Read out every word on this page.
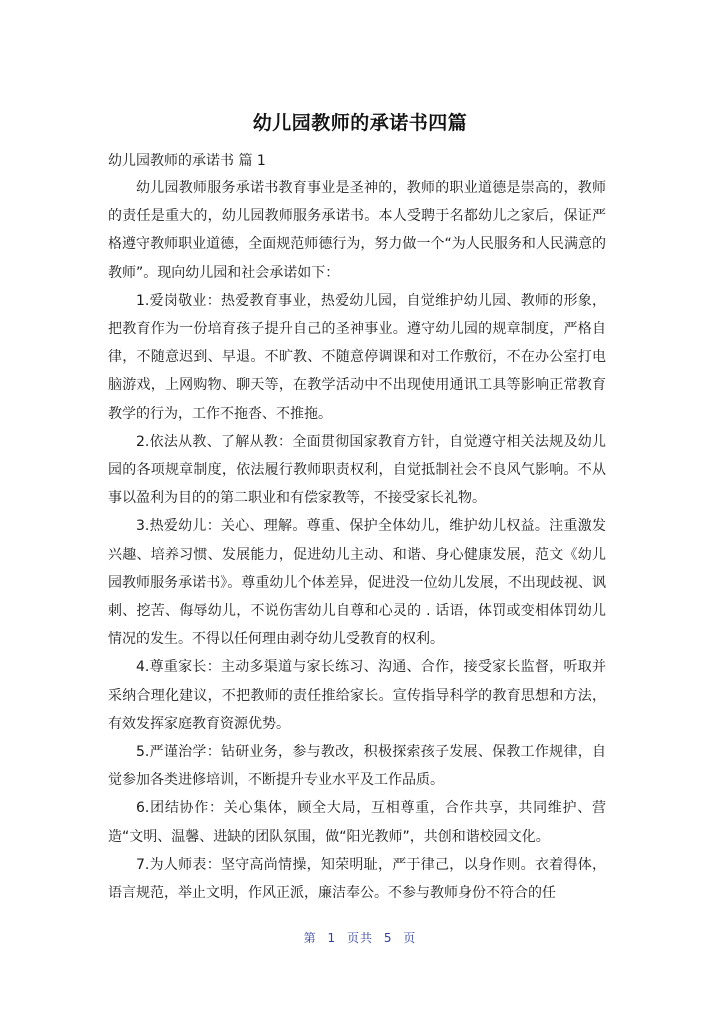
幼儿园教师的承诺书四篇
幼儿园教师的承诺书 篇 1

幼儿园教师服务承诺书教育事业是圣神的，教师的职业道德是崇高的，教师的责任是重大的，幼儿园教师服务承诺书。本人受聘于名都幼儿之家后，保证严格遵守教师职业道德，全面规范师德行为，努力做一个“为人民服务和人民满意的教师”。现向幼儿园和社会承诺如下：

1.爱岗敬业：热爱教育事业，热爱幼儿园，自觉维护幼儿园、教师的形象，把教育作为一份培育孩子提升自己的圣神事业。遵守幼儿园的规章制度，严格自律，不随意迟到、早退。不旷教、不随意停调课和对工作敷衍，不在办公室打电脑游戏，上网购物、聊天等，在教学活动中不出现使用通讯工具等影响正常教育教学的行为，工作不拖沓、不推拖。

2.依法从教、了解从教：全面贯彻国家教育方针，自觉遵守相关法规及幼儿园的各项规章制度，依法履行教师职责权利，自觉抵制社会不良风气影响。不从事以盈利为目的的第二职业和有偿家教等，不接受家长礼物。

3.热爱幼儿：关心、理解。尊重、保护全体幼儿，维护幼儿权益。注重激发兴趣、培养习惯、发展能力，促进幼儿主动、和谐、身心健康发展，范文《幼儿园教师服务承诺书》。尊重幼儿个体差异，促进没一位幼儿发展，不出现歧视、讽刺、挖苦、侮辱幼儿，不说伤害幼儿自尊和心灵的 . 话语，体罚或变相体罚幼儿情况的发生。不得以任何理由剥夺幼儿受教育的权利。

4.尊重家长：主动多渠道与家长练习、沟通、合作，接受家长监督，听取并采纳合理化建议，不把教师的责任推给家长。宣传指导科学的教育思想和方法，有效发挥家庭教育资源优势。

5.严谨治学：钻研业务，参与教改，积极探索孩子发展、保教工作规律，自觉参加各类进修培训，不断提升专业水平及工作品质。

6.团结协作：关心集体，顾全大局，互相尊重，合作共享，共同维护、营造“文明、温馨、进缺的团队氛围，做“阳光教师”，共创和谐校园文化。

7.为人师表：坚守高尚情操，知荣明耻，严于律己，以身作则。衣着得体，语言规范，举止文明，作风正派，廉洁奉公。不参与教师身份不符合的任

第 1 页共 5 页
